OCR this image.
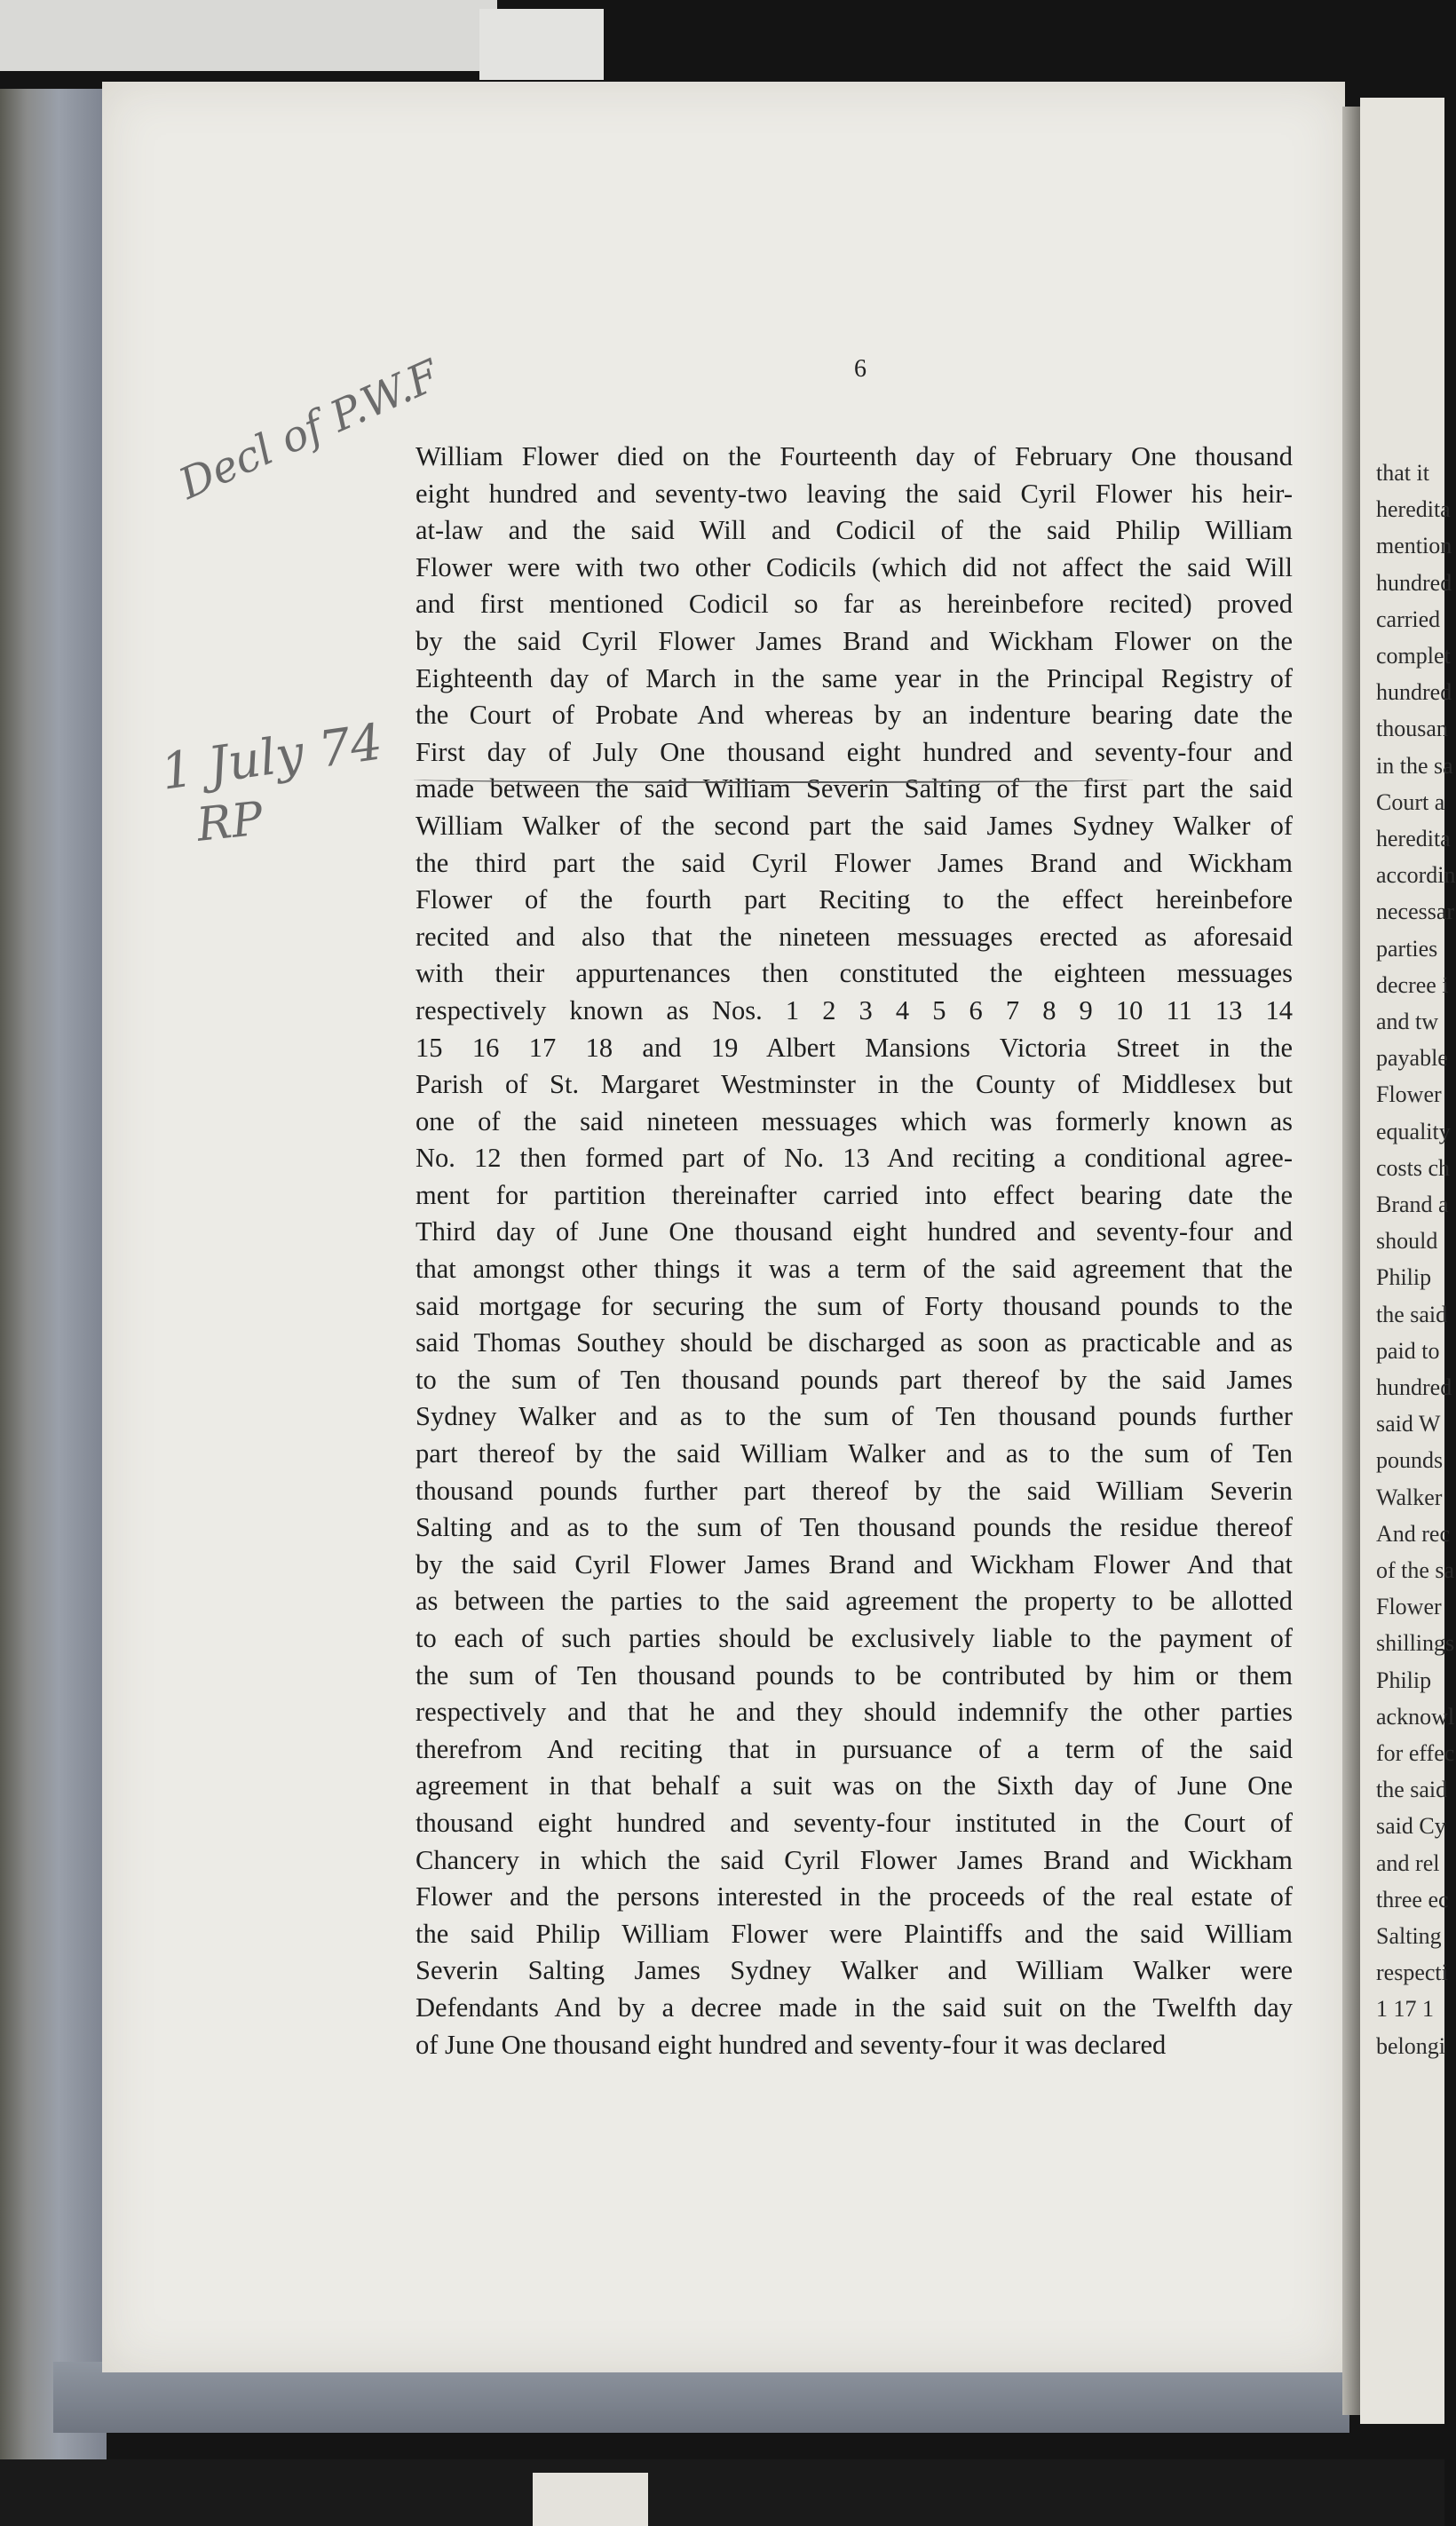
that it
heredita
mention
hundred
carried
complet
hundred
thousan
in the sa
Court a
heredita
accordin
necessar
parties
decree i
and tw
payable
Flower
equality
costs ch
Brand a
should
Philip
the said
paid to
hundred
said W
pounds
Walker
And rec
of the sa
Flower
shillings
Philip
acknowl
for effec
the said
said Cy
and rel
three ec
Salting
respecti
1 17 1
belongi
6
Decl of P.W.F
1 July 74
RP
William Flower died on the Fourteenth day of February One thousand
eight hundred and seventy-two leaving the said Cyril Flower his heir-
at-law and the said Will and Codicil of the said Philip William
Flower were with two other Codicils (which did not affect the said Will
and first mentioned Codicil so far as hereinbefore recited) proved
by the said Cyril Flower James Brand and Wickham Flower on the
Eighteenth day of March in the same year in the Principal Registry of
the Court of Probate And whereas by an indenture bearing date the
First day of July One thousand eight hundred and seventy-four and
made between the said William Severin Salting of the first part the said
William Walker of the second part the said James Sydney Walker of
the third part the said Cyril Flower James Brand and Wickham
Flower of the fourth part Reciting to the effect hereinbefore
recited and also that the nineteen messuages erected as aforesaid
with their appurtenances then constituted the eighteen messuages
respectively known as Nos. 1 2 3 4 5 6 7 8 9 10 11 13 14
15 16 17 18 and 19 Albert Mansions Victoria Street in the
Parish of St. Margaret Westminster in the County of Middlesex but
one of the said nineteen messuages which was formerly known as
No. 12 then formed part of No. 13 And reciting a conditional agree-
ment for partition thereinafter carried into effect bearing date the
Third day of June One thousand eight hundred and seventy-four and
that amongst other things it was a term of the said agreement that the
said mortgage for securing the sum of Forty thousand pounds to the
said Thomas Southey should be discharged as soon as practicable and as
to the sum of Ten thousand pounds part thereof by the said James
Sydney Walker and as to the sum of Ten thousand pounds further
part thereof by the said William Walker and as to the sum of Ten
thousand pounds further part thereof by the said William Severin
Salting and as to the sum of Ten thousand pounds the residue thereof
by the said Cyril Flower James Brand and Wickham Flower And that
as between the parties to the said agreement the property to be allotted
to each of such parties should be exclusively liable to the payment of
the sum of Ten thousand pounds to be contributed by him or them
respectively and that he and they should indemnify the other parties
therefrom And reciting that in pursuance of a term of the said
agreement in that behalf a suit was on the Sixth day of June One
thousand eight hundred and seventy-four instituted in the Court of
Chancery in which the said Cyril Flower James Brand and Wickham
Flower and the persons interested in the proceeds of the real estate of
the said Philip William Flower were Plaintiffs and the said William
Severin Salting James Sydney Walker and William Walker were
Defendants And by a decree made in the said suit on the Twelfth day
of June One thousand eight hundred and seventy-four it was declared
